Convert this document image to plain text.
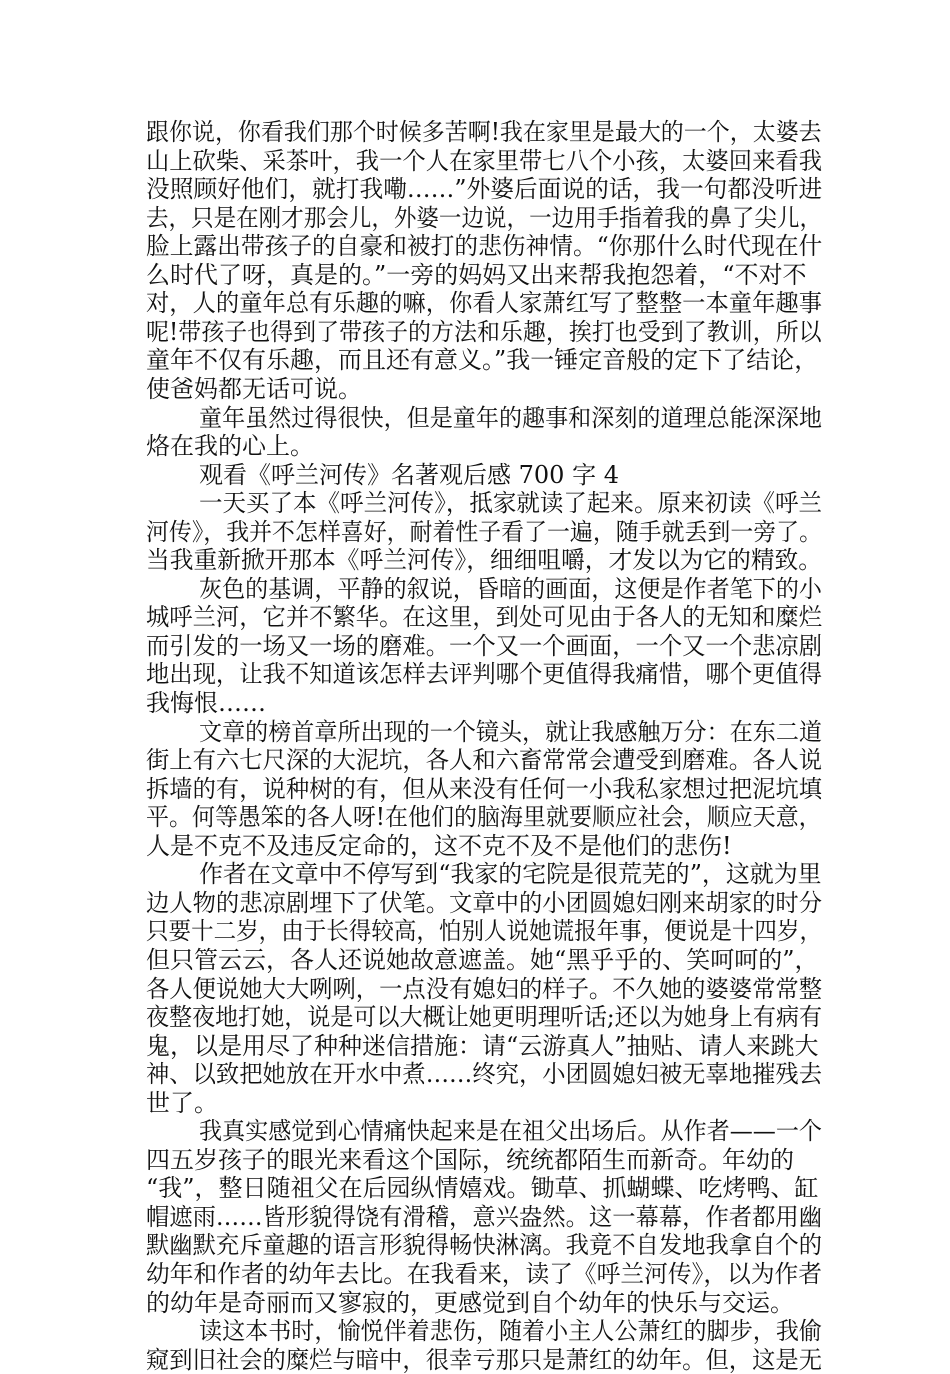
跟你说，你看我们那个时候多苦啊!我在家里是最大的一个，太婆去
山上砍柴、采茶叶，我一个人在家里带七八个小孩，太婆回来看我
没照顾好他们，就打我嘞……”外婆后面说的话，我一句都没听进
去，只是在刚才那会儿，外婆一边说，一边用手指着我的鼻了尖儿，
脸上露出带孩子的自豪和被打的悲伤神情。“你那什么时代现在什
么时代了呀，真是的。”一旁的妈妈又出来帮我抱怨着，“不对不
对，人的童年总有乐趣的嘛，你看人家萧红写了整整一本童年趣事
呢!带孩子也得到了带孩子的方法和乐趣，挨打也受到了教训，所以
童年不仅有乐趣，而且还有意义。”我一锤定音般的定下了结论，
使爸妈都无话可说。
童年虽然过得很快，但是童年的趣事和深刻的道理总能深深地
烙在我的心上。
观看《呼兰河传》名著观后感 700 字 4
一天买了本《呼兰河传》，抵家就读了起来。原来初读《呼兰
河传》，我并不怎样喜好，耐着性子看了一遍，随手就丢到一旁了。
当我重新掀开那本《呼兰河传》，细细咀嚼，才发以为它的精致。
灰色的基调，平静的叙说，昏暗的画面，这便是作者笔下的小
城呼兰河，它并不繁华。在这里，到处可见由于各人的无知和糜烂
而引发的一场又一场的磨难。一个又一个画面，一个又一个悲凉剧
地出现，让我不知道该怎样去评判哪个更值得我痛惜，哪个更值得
我悔恨……
文章的榜首章所出现的一个镜头，就让我感触万分：在东二道
街上有六七尺深的大泥坑，各人和六畜常常会遭受到磨难。各人说
拆墙的有，说种树的有，但从来没有任何一小我私家想过把泥坑填
平。何等愚笨的各人呀!在他们的脑海里就要顺应社会，顺应天意，
人是不克不及违反定命的，这不克不及不是他们的悲伤!
作者在文章中不停写到“我家的宅院是很荒芜的”，这就为里
边人物的悲凉剧埋下了伏笔。文章中的小团圆媳妇刚来胡家的时分
只要十二岁，由于长得较高，怕别人说她谎报年事，便说是十四岁，
但只管云云，各人还说她故意遮盖。她“黑乎乎的、笑呵呵的”，
各人便说她大大咧咧，一点没有媳妇的样子。不久她的婆婆常常整
夜整夜地打她，说是可以大概让她更明理听话;还以为她身上有病有
鬼，以是用尽了种种迷信措施：请“云游真人”抽贴、请人来跳大
神、以致把她放在开水中煮……终究，小团圆媳妇被无辜地摧残去
世了。
我真实感觉到心情痛快起来是在祖父出场后。从作者——一个
四五岁孩子的眼光来看这个国际，统统都陌生而新奇。年幼的
“我”，整日随祖父在后园纵情嬉戏。锄草、抓蝴蝶、吃烤鸭、缸
帽遮雨……皆形貌得饶有滑稽，意兴盎然。这一幕幕，作者都用幽
默幽默充斥童趣的语言形貌得畅快淋漓。我竟不自发地我拿自个的
幼年和作者的幼年去比。在我看来，读了《呼兰河传》，以为作者
的幼年是奇丽而又寥寂的，更感觉到自个幼年的快乐与交运。
读这本书时，愉悦伴着悲伤，随着小主人公萧红的脚步，我偷
窥到旧社会的糜烂与暗中，很幸亏那只是萧红的幼年。但，这是无
